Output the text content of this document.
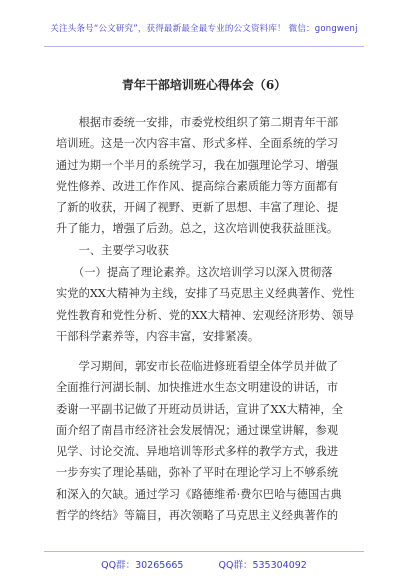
关注头条号“公文研究”，获得最新最全最专业的公文资料库！ 微信：gongwenj
青年干部培训班心得体会（6）
　　根据市委统一安排，市委党校组织了第二期青年干部
培训班。这是一次内容丰富、形式多样、全面系统的学习
通过为期一个半月的系统学习，我在加强理论学习、增强
党性修养、改进工作作风、提高综合素质能力等方面都有
了新的收获，开阔了视野、更新了思想、丰富了理论、提
升了能力，增强了后劲。总之，这次培训使我获益匪浅。
　　一、主要学习收获
　　（一）提高了理论素养。这次培训学习以深入贯彻落
实党的XX大精神为主线，安排了马克思主义经典著作、党性
党性教育和党性分析、党的XX大精神、宏观经济形势、领导
干部科学素养等，内容丰富，安排紧凑。
　　学习期间，郭安市长莅临进修班看望全体学员并做了
全面推行河湖长制、加快推进水生态文明建设的讲话，市
委谢一平副书记做了开班动员讲话，宣讲了XX大精神，全
面介绍了南昌市经济社会发展情况；通过课堂讲解，参观
见学、讨论交流、异地培训等形式多样的教学方式，我进
一步夯实了理论基础，弥补了平时在理论学习上不够系统
和深入的欠缺。通过学习《路德维希·费尔巴哈与德国古典
哲学的终结》等篇目，再次领略了马克思主义经典著作的
QQ群：30265665	QQ群：535304092
